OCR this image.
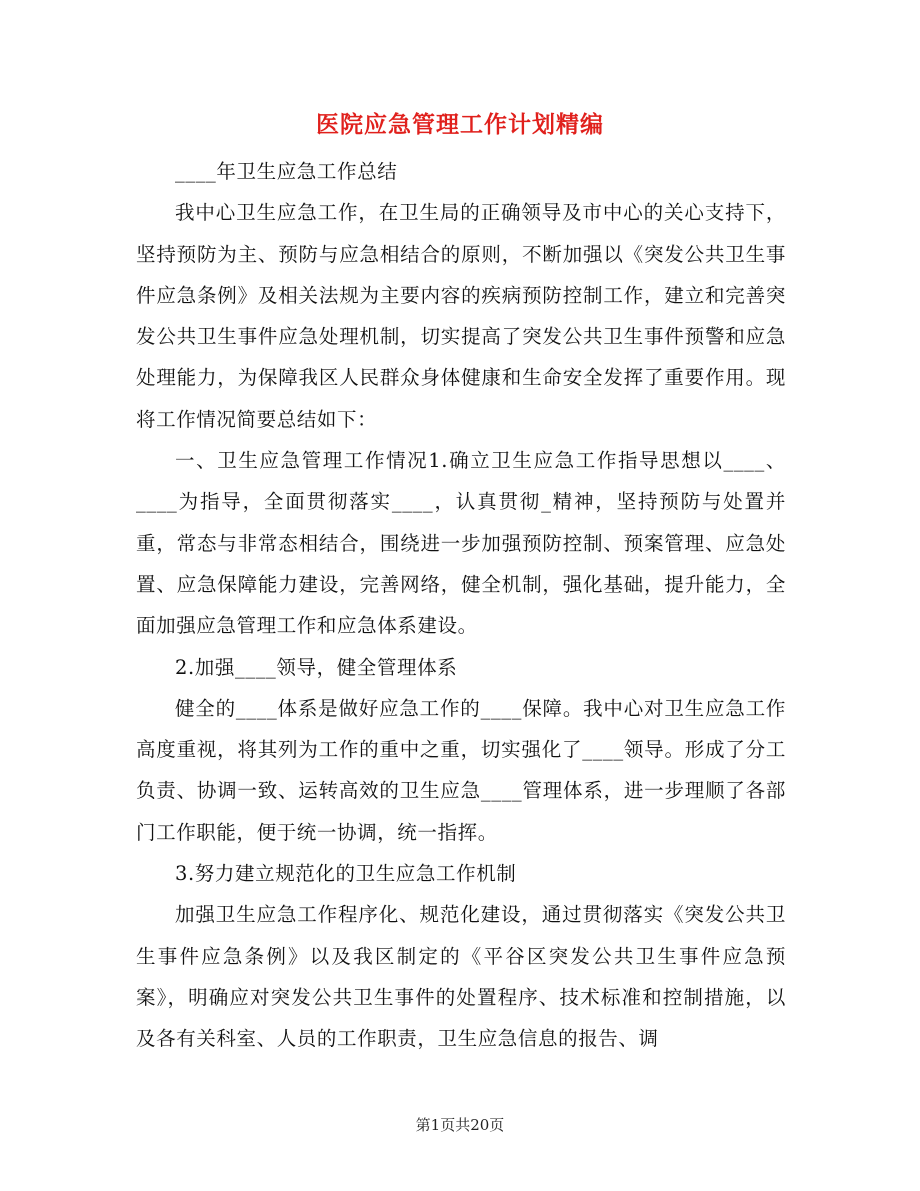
医院应急管理工作计划精编

____年卫生应急工作总结

我中心卫生应急工作，在卫生局的正确领导及市中心的关心支持下，坚持预防为主、预防与应急相结合的原则，不断加强以《突发公共卫生事件应急条例》及相关法规为主要内容的疾病预防控制工作，建立和完善突发公共卫生事件应急处理机制，切实提高了突发公共卫生事件预警和应急处理能力，为保障我区人民群众身体健康和生命安全发挥了重要作用。现将工作情况简要总结如下：

一、卫生应急管理工作情况1.确立卫生应急工作指导思想以____、____为指导，全面贯彻落实____，认真贯彻_精神，坚持预防与处置并重，常态与非常态相结合，围绕进一步加强预防控制、预案管理、应急处置、应急保障能力建设，完善网络，健全机制，强化基础，提升能力，全面加强应急管理工作和应急体系建设。

2.加强____领导，健全管理体系

健全的____体系是做好应急工作的____保障。我中心对卫生应急工作高度重视，将其列为工作的重中之重，切实强化了____领导。形成了分工负责、协调一致、运转高效的卫生应急____管理体系，进一步理顺了各部门工作职能，便于统一协调，统一指挥。

3.努力建立规范化的卫生应急工作机制

加强卫生应急工作程序化、规范化建设，通过贯彻落实《突发公共卫生事件应急条例》以及我区制定的《平谷区突发公共卫生事件应急预案》，明确应对突发公共卫生事件的处置程序、技术标准和控制措施，以及各有关科室、人员的工作职责，卫生应急信息的报告、调

第1页共20页
